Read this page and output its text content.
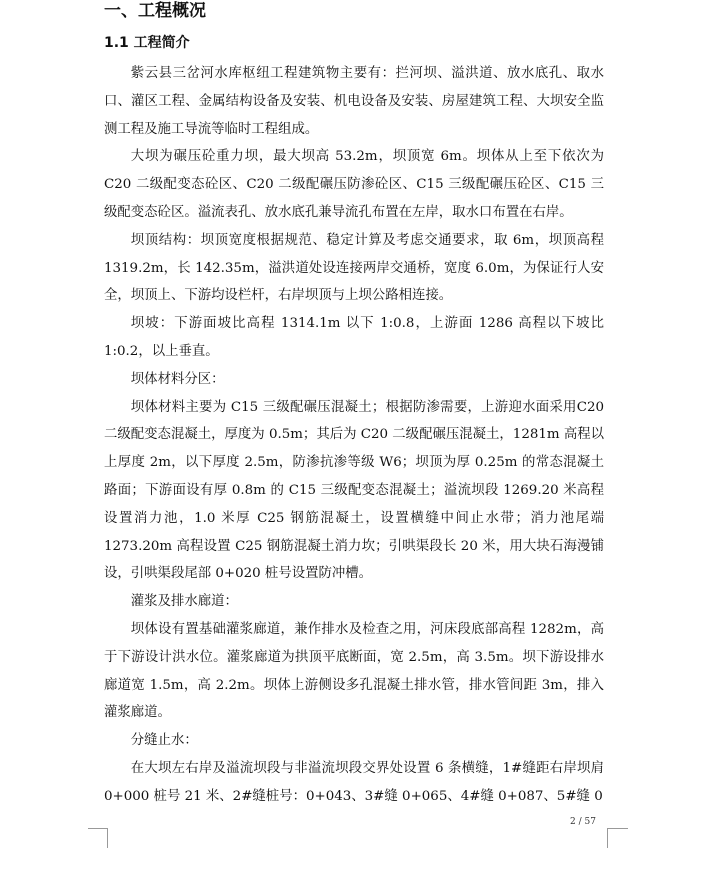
一、工程概况
1.1 工程简介

紫云县三岔河水库枢纽工程建筑物主要有：拦河坝、溢洪道、放水底孔、取水口、灌区工程、金属结构设备及安装、机电设备及安装、房屋建筑工程、大坝安全监测工程及施工导流等临时工程组成。

大坝为碾压砼重力坝，最大坝高 53.2m，坝顶宽 6m。坝体从上至下依次为C20 二级配变态砼区、C20 二级配碾压防渗砼区、C15 三级配碾压砼区、C15 三级配变态砼区。溢流表孔、放水底孔兼导流孔布置在左岸，取水口布置在右岸。

坝顶结构：坝顶宽度根据规范、稳定计算及考虑交通要求，取 6m，坝顶高程 1319.2m，长 142.35m，溢洪道处设连接两岸交通桥，宽度 6.0m，为保证行人安全，坝顶上、下游均设栏杆，右岸坝顶与上坝公路相连接。

坝坡：下游面坡比高程 1314.1m 以下 1:0.8，上游面 1286 高程以下坡比 1:0.2，以上垂直。

坝体材料分区：

坝体材料主要为 C15 三级配碾压混凝土；根据防渗需要，上游迎水面采用C20 二级配变态混凝土，厚度为 0.5m；其后为 C20 二级配碾压混凝土，1281m 高程以上厚度 2m，以下厚度 2.5m，防渗抗渗等级 W6；坝顶为厚 0.25m 的常态混凝土路面；下游面设有厚 0.8m 的 C15 三级配变态混凝土；溢流坝段 1269.20 米高程设置消力池，1.0 米厚 C25 钢筋混凝土，设置横缝中间止水带；消力池尾端1273.20m 高程设置 C25 钢筋混凝土消力坎；引哄渠段长 20 米，用大块石海漫铺设，引哄渠段尾部 0+020 桩号设置防冲槽。

灌浆及排水廊道：

坝体设有置基础灌浆廊道，兼作排水及检查之用，河床段底部高程 1282m，高于下游设计洪水位。灌浆廊道为拱顶平底断面，宽 2.5m，高 3.5m。坝下游设排水廊道宽 1.5m，高 2.2m。坝体上游侧设多孔混凝土排水管，排水管间距 3m，排入灌浆廊道。

分缝止水：

在大坝左右岸及溢流坝段与非溢流坝段交界处设置 6 条横缝，1#缝距右岸坝肩 0+000 桩号 21 米、2#缝桩号：0+043、3#缝 0+065、4#缝 0+087、5#缝 0

2 / 57
